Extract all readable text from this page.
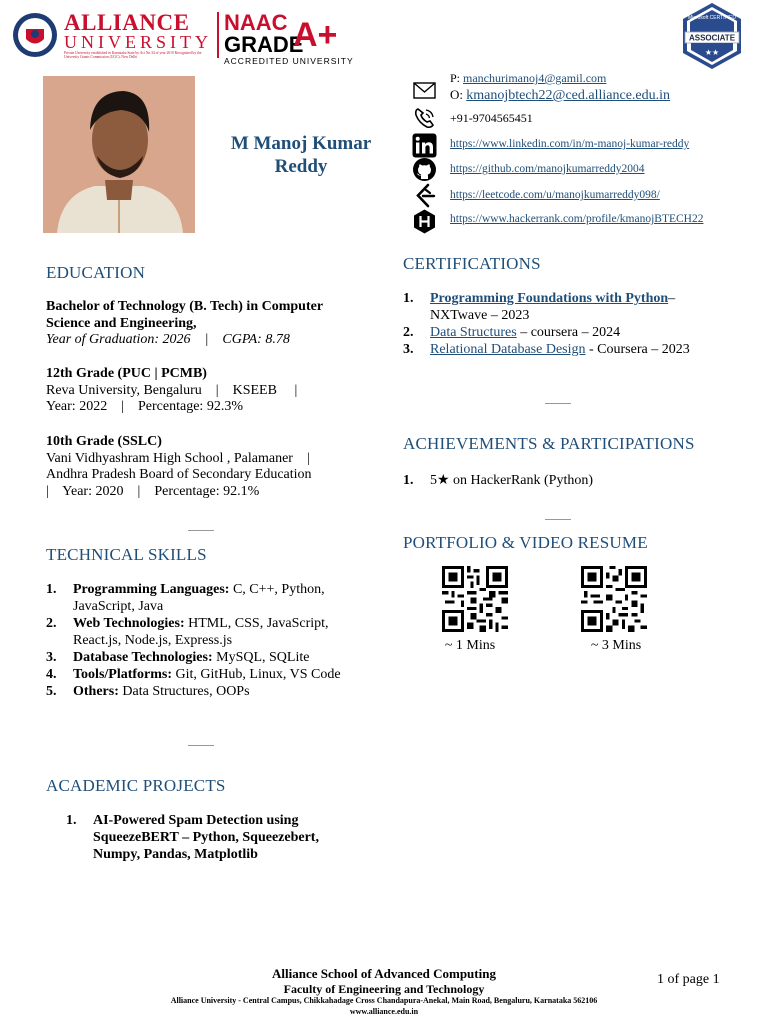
ALLIANCE
UNIVERSITY
Private University established in Karnataka State by Act No.34 of year 2010 Recognized by the University Grants Commission (UGC), New Delhi
NAAC
GRADE
A+
ACCREDITED UNIVERSITY
Microsoft CERTIFIED
ASSOCIATE
★★
M Manoj Kumar Reddy
P: manchurimanoj4@gamil.com
O: kmanojbtech22@ced.alliance.edu.in
+91-9704565451
https://www.linkedin.com/in/m-manoj-kumar-reddy
https://github.com/manojkumarreddy2004
https://leetcode.com/u/manojkumarreddy098/
https://www.hackerrank.com/profile/kmanojBTECH22
EDUCATION
Bachelor of Technology (B. Tech) in Computer Science and Engineering,
Year of Graduation: 2026 | CGPA: 8.78
12th Grade (PUC | PCMB)
Reva University, Bengaluru | KSEEB |
Year: 2022 | Percentage: 92.3%
10th Grade (SSLC)
Vani Vidhyashram High School , Palamaner |
Andhra Pradesh Board of Secondary Education
| Year: 2020 | Percentage: 92.1%
TECHNICAL SKILLS
1. Programming Languages: C, C++, Python, JavaScript, Java
2. Web Technologies: HTML, CSS, JavaScript, React.js, Node.js, Express.js
3. Database Technologies: MySQL, SQLite
4. Tools/Platforms: Git, GitHub, Linux, VS Code
5. Others: Data Structures, OOPs
ACADEMIC PROJECTS
1. AI-Powered Spam Detection using SqueezeBERT – Python, Squeezebert, Numpy, Pandas, Matplotlib
CERTIFICATIONS
1. Programming Foundations with Python– NXTwave – 2023
2. Data Structures – coursera – 2024
3. Relational Database Design - Coursera – 2023
ACHIEVEMENTS & PARTICIPATIONS
1. 5★ on HackerRank (Python)
PORTFOLIO & VIDEO RESUME
~ 1 Mins	~ 3 Mins
Alliance School of Advanced Computing
Faculty of Engineering and Technology
Alliance University - Central Campus, Chikkahadage Cross Chandapura-Anekal, Main Road, Bengaluru, Karnataka 562106
www.alliance.edu.in
1 of page 1
